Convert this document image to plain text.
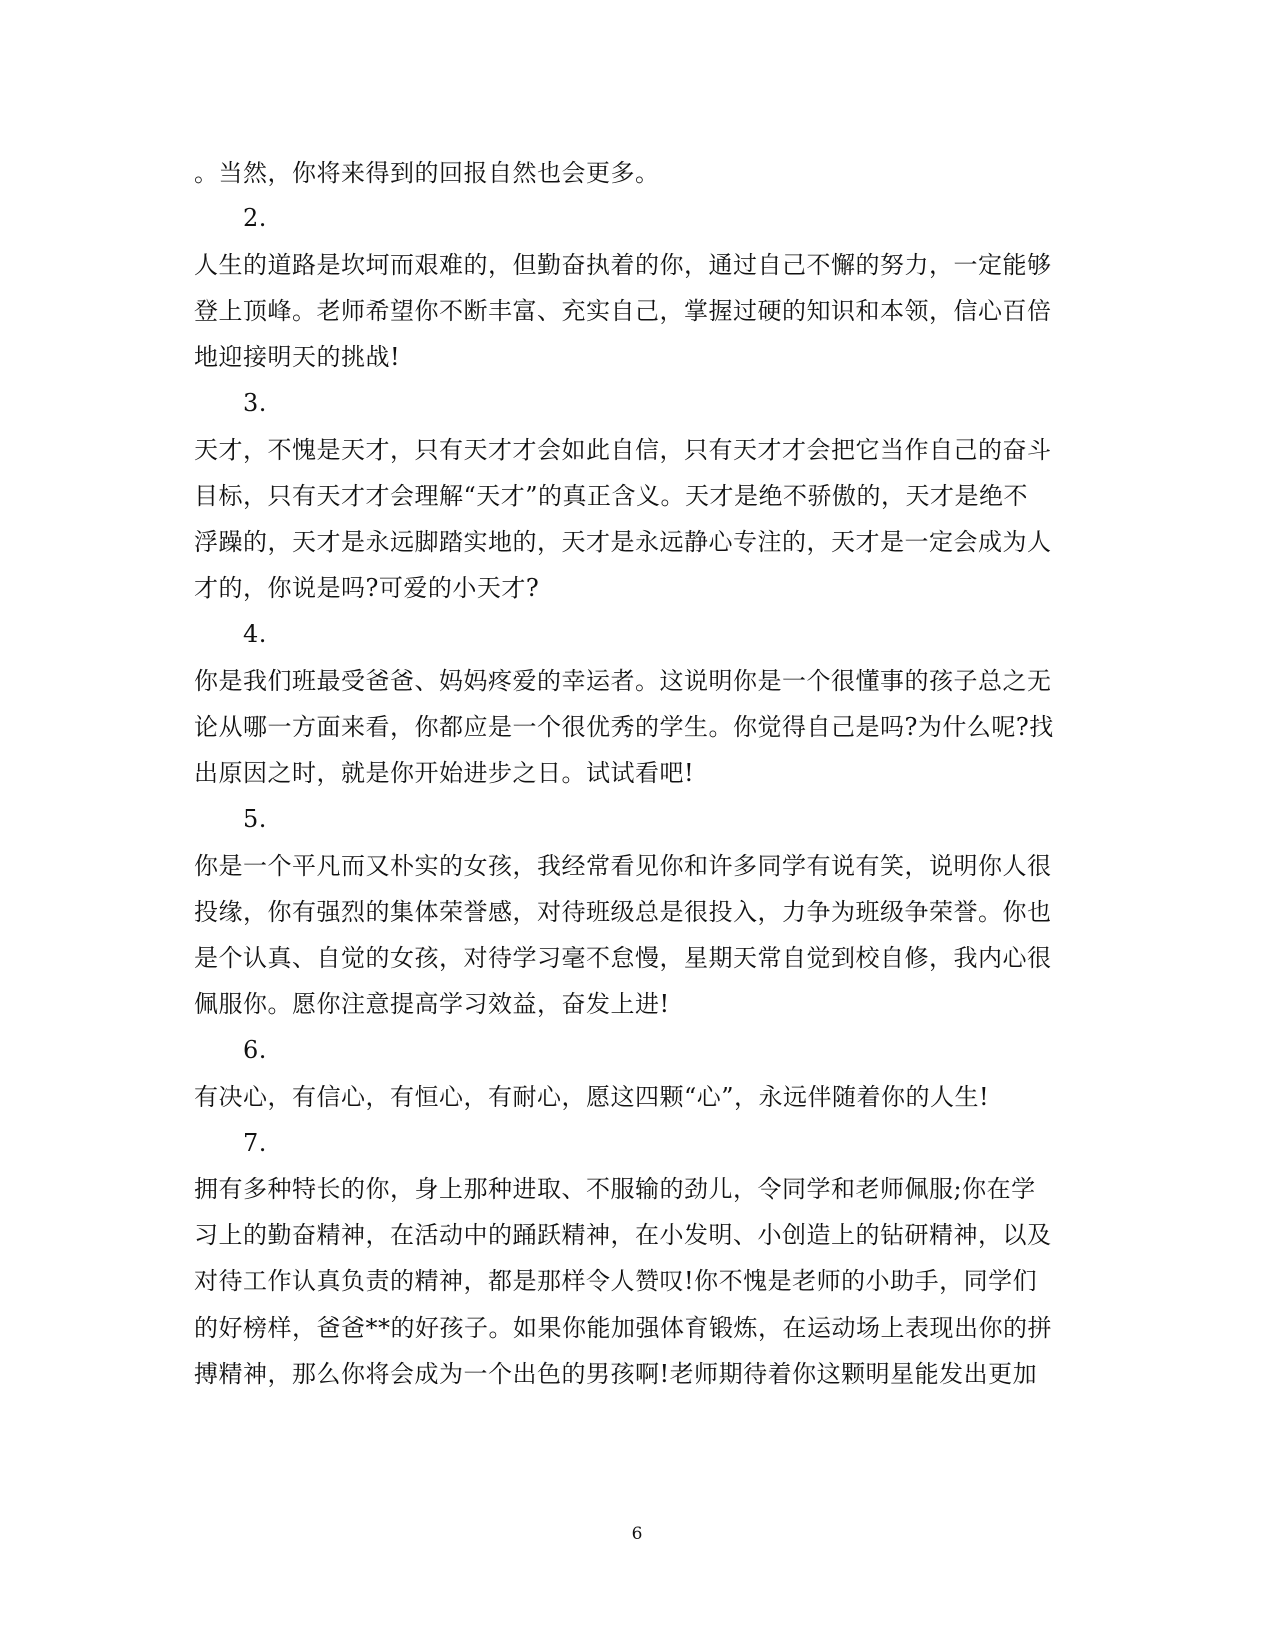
。当然，你将来得到的回报自然也会更多。
2.
人生的道路是坎坷而艰难的，但勤奋执着的你，通过自己不懈的努力，一定能够
登上顶峰。老师希望你不断丰富、充实自己，掌握过硬的知识和本领，信心百倍
地迎接明天的挑战!
3.
天才，不愧是天才，只有天才才会如此自信，只有天才才会把它当作自己的奋斗
目标，只有天才才会理解“天才”的真正含义。天才是绝不骄傲的，天才是绝不
浮躁的，天才是永远脚踏实地的，天才是永远静心专注的，天才是一定会成为人
才的，你说是吗?可爱的小天才?
4.
你是我们班最受爸爸、妈妈疼爱的幸运者。这说明你是一个很懂事的孩子总之无
论从哪一方面来看，你都应是一个很优秀的学生。你觉得自己是吗?为什么呢?找
出原因之时，就是你开始进步之日。试试看吧!
5.
你是一个平凡而又朴实的女孩，我经常看见你和许多同学有说有笑，说明你人很
投缘，你有强烈的集体荣誉感，对待班级总是很投入，力争为班级争荣誉。你也
是个认真、自觉的女孩，对待学习毫不怠慢，星期天常自觉到校自修，我内心很
佩服你。愿你注意提高学习效益，奋发上进!
6.
有决心，有信心，有恒心，有耐心，愿这四颗“心”，永远伴随着你的人生!
7.
拥有多种特长的你，身上那种进取、不服输的劲儿，令同学和老师佩服;你在学
习上的勤奋精神，在活动中的踊跃精神，在小发明、小创造上的钻研精神，以及
对待工作认真负责的精神，都是那样令人赞叹!你不愧是老师的小助手，同学们
的好榜样，爸爸**的好孩子。如果你能加强体育锻炼，在运动场上表现出你的拼
搏精神，那么你将会成为一个出色的男孩啊!老师期待着你这颗明星能发出更加
6
